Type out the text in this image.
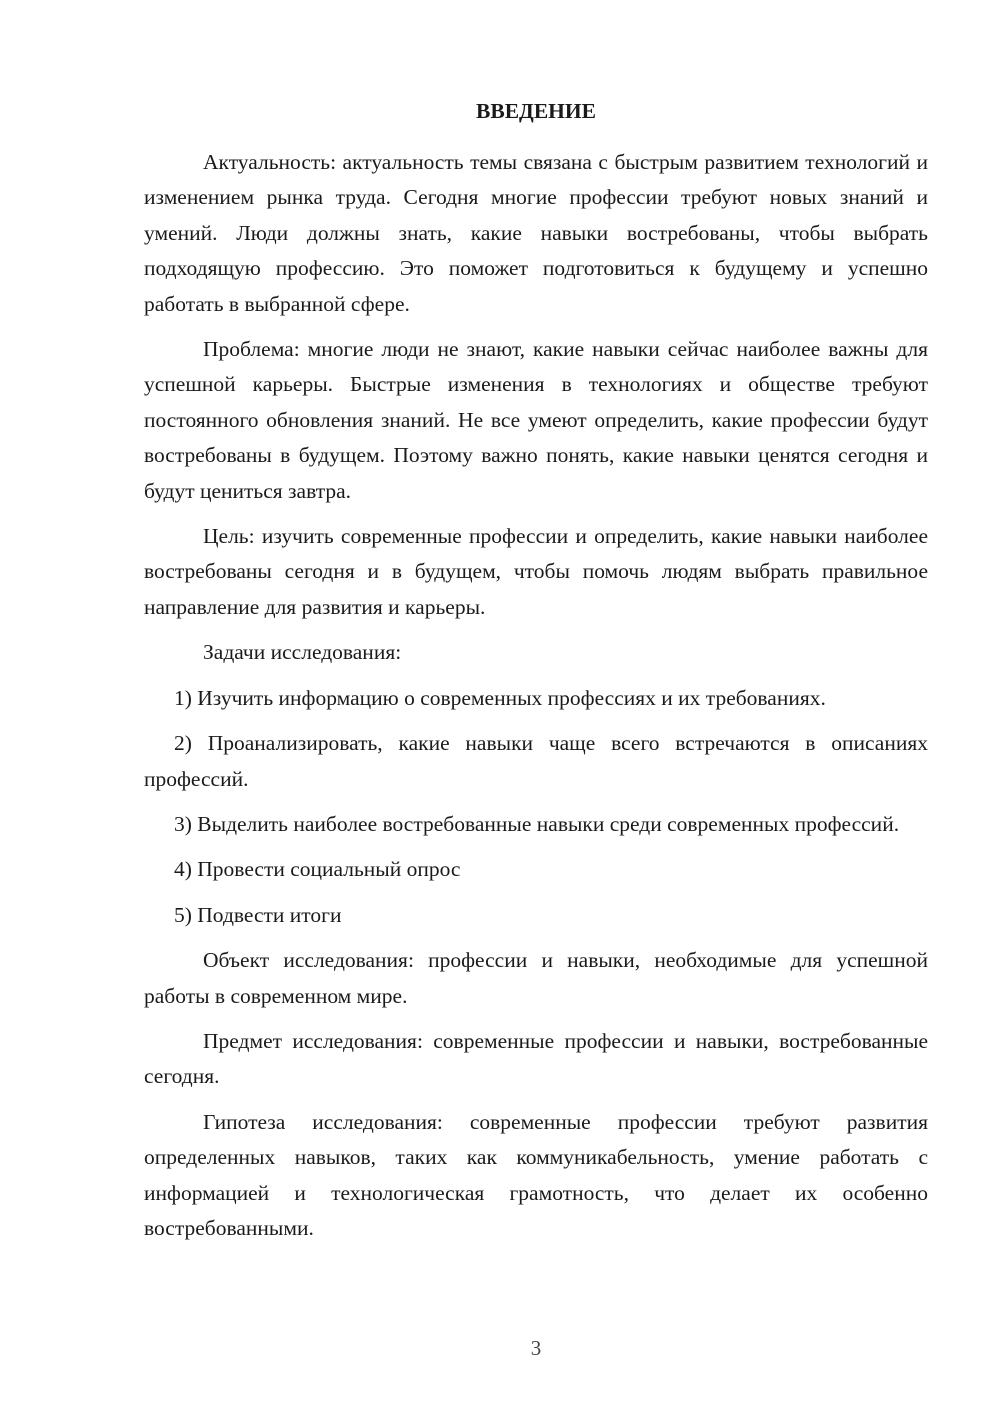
ВВЕДЕНИЕ

Актуальность: актуальность темы связана с быстрым развитием технологий и изменением рынка труда. Сегодня многие профессии требуют новых знаний и умений. Люди должны знать, какие навыки востребованы, чтобы выбрать подходящую профессию. Это поможет подготовиться к будущему и успешно работать в выбранной сфере.

Проблема: многие люди не знают, какие навыки сейчас наиболее важны для успешной карьеры. Быстрые изменения в технологиях и обществе требуют постоянного обновления знаний. Не все умеют определить, какие профессии будут востребованы в будущем. Поэтому важно понять, какие навыки ценятся сегодня и будут цениться завтра.

Цель: изучить современные профессии и определить, какие навыки наиболее востребованы сегодня и в будущем, чтобы помочь людям выбрать правильное направление для развития и карьеры.

Задачи исследования:

1) Изучить информацию о современных профессиях и их требованиях.

2) Проанализировать, какие навыки чаще всего встречаются в описаниях профессий.

3) Выделить наиболее востребованные навыки среди современных профессий.

4) Провести социальный опрос

5) Подвести итоги

Объект исследования: профессии и навыки, необходимые для успешной работы в современном мире.

Предмет исследования: современные профессии и навыки, востребованные сегодня.

Гипотеза исследования: современные профессии требуют развития определенных навыков, таких как коммуникабельность, умение работать с информацией и технологическая грамотность, что делает их особенно востребованными.

3
